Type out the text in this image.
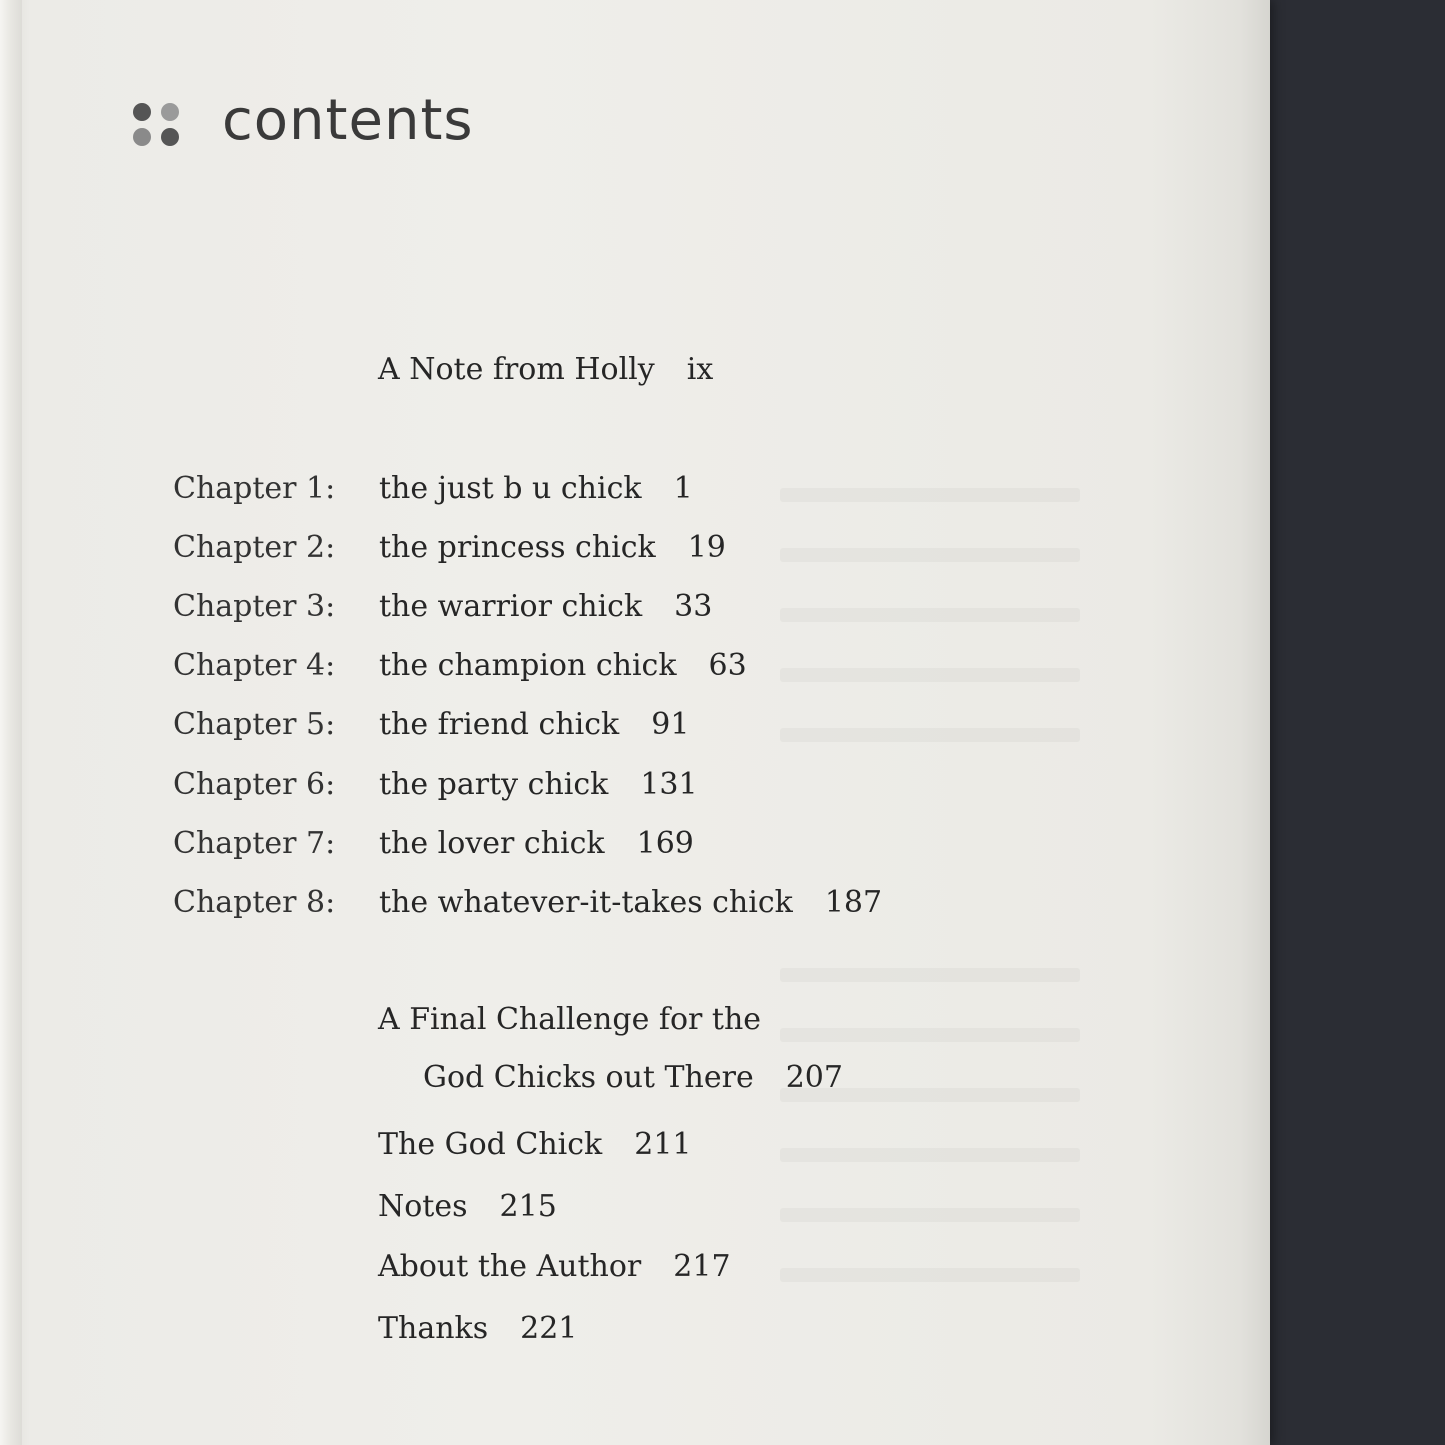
contents
A Note from Holly ix
Chapter 1: the just b u chick 1
Chapter 2: the princess chick 19
Chapter 3: the warrior chick 33
Chapter 4: the champion chick 63
Chapter 5: the friend chick 91
Chapter 6: the party chick 131
Chapter 7: the lover chick 169
Chapter 8: the whatever-it-takes chick 187
A Final Challenge for the
God Chicks out There 207
The God Chick 211
Notes 215
About the Author 217
Thanks 221
